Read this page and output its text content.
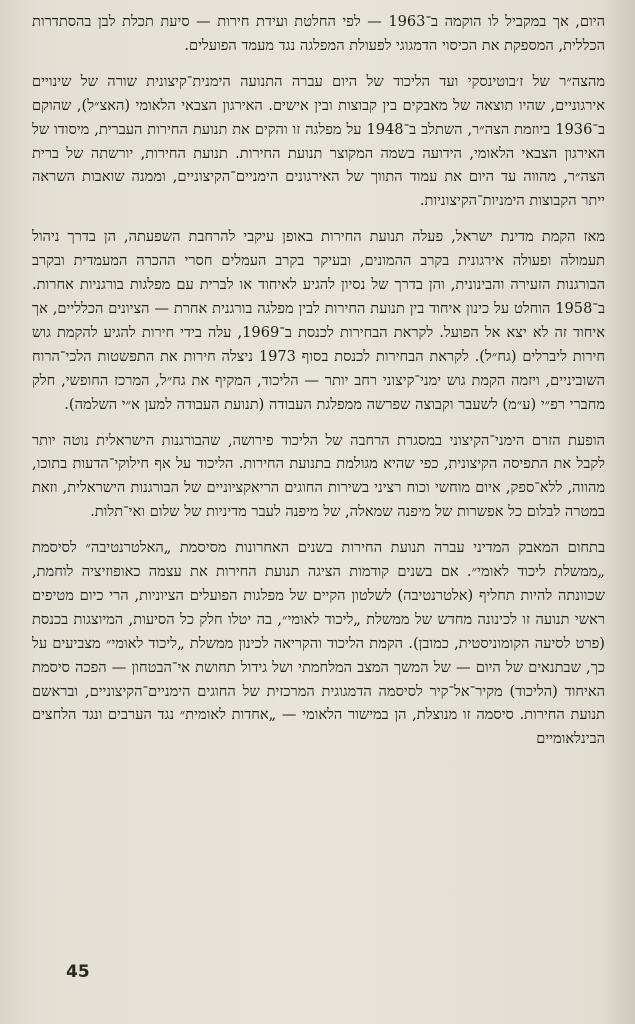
היום, אך במקביל לו הוקמה ב־1963 — לפי החלטת ועידת חירות — סיעת תכלת לבן בהסתדרות הכללית, המספקת את הכיסוי הדמגוגי לפעולת המפלגה נגד מעמד הפועלים.

מהצה״ר של ז׳בוטינסקי ועד הליכוד של היום עברה התנועה הימנית־קיצונית שורה של שינויים אירגוניים, שהיו תוצאה של מאבקים בין קבוצות ובין אישים. האירגון הצבאי הלאומי (האצ״ל), שהוקם ב־1936 ביוזמת הצה״ר, השתלב ב־1948 על מפלגה זו והקים את תנועת החירות העברית, מיסודו של האירגון הצבאי הלאומי, הידועה בשמה המקוצר תנועת החירות. תנועת החירות, יורשתה של ברית הצה״ר, מהווה עד היום את עמוד התווך של האירגונים הימניים־הקיצוניים, וממנה שואבות השראה ייתר הקבוצות הימניות־הקיצוניות.

מאז הקמת מדינת ישראל, פעלה תנועת החירות באופן עיקבי להרחבת השפעתה, הן בדרך ניהול תעמולה ופעולה אירגונית בקרב ההמונים, ובעיקר בקרב העמלים חסרי ההכרה המעמדית ובקרב הבורגנות הזעירה והבינונית, והן בדרך של נסיון להגיע לאיחוד או לברית עם מפלגות בורגניות אחרות. ב־1958 הוחלט על כינון איחוד בין תנועת החירות לבין מפלגה בורגנית אחרת — הציונים הכלליים, אך איחוד זה לא יצא אל הפועל. לקראת הבחירות לכנסת ב־1969, עלה בידי חירות להגיע להקמת גוש חירות ליברלים (גח״ל). לקראת הבחירות לכנסת בסוף 1973 ניצלה חירות את התפשטות הלכי־הרוח השוביניים, ויזמה הקמת גוש ימני־קיצוני רחב יותר — הליכוד, המקיף את גח״ל, המרכז החופשי, חלק מחברי רפ״י (ע״מ) לשעבר וקבוצה שפרשה ממפלגת העבודה (תנועת העבודה למען א״י השלמה).

הופעת הזרם הימני־הקיצוני במסגרת הרחבה של הליכוד פירושה, שהבורגנות הישראלית נוטה יותר לקבל את התפיסה הקיצונית, כפי שהיא מגולמת בתנועת החירות. הליכוד על אף חילוקי־הדעות בתוכו, מהווה, ללא־ספק, איום מוחשי וכוח רציני בשירות החוגים הריאקציוניים של הבורגנות הישראלית, וזאת במטרה לבלום כל אפשרות של מיפנה שמאלה, של מיפנה לעבר מדיניות של שלום ואי־תלות.

בתחום המאבק המדיני עברה תנועת החירות בשנים האחרונות מסיסמת „האלטרנטיבה״ לסיסמת „ממשלת ליכוד לאומי״. אם בשנים קודמות הציגה תנועת החירות את עצמה כאופוזיציה לוחמת, שכוונתה להיות תחליף (אלטרנטיבה) לשלטון הקיים של מפלגות הפועלים הציוניות, הרי כיום מטיפים ראשי תנועה זו לכינונה מחדש של ממשלת „ליכוד לאומי״, בה יטלו חלק כל הסיעות, המיוצגות בכנסת (פרט לסיעה הקומוניסטית, כמובן). הקמת הליכוד והקריאה לכינון ממשלת „ליכוד לאומי״ מצביעים על כך, שבתנאים של היום — של המשך המצב המלחמתי ושל גידול תחושת אי־הבטחון — הפכה סיסמת האיחוד (הליכוד) מקיר־אל־קיר לסיסמה הדמגוגית המרכזית של החוגים הימניים־הקיצוניים, ובראשם תנועת החירות. סיסמה זו מנוצלת, הן במישור הלאומי — „אחדות לאומית״ נגד הערבים ונגד הלחצים הבינלאומיים

45
